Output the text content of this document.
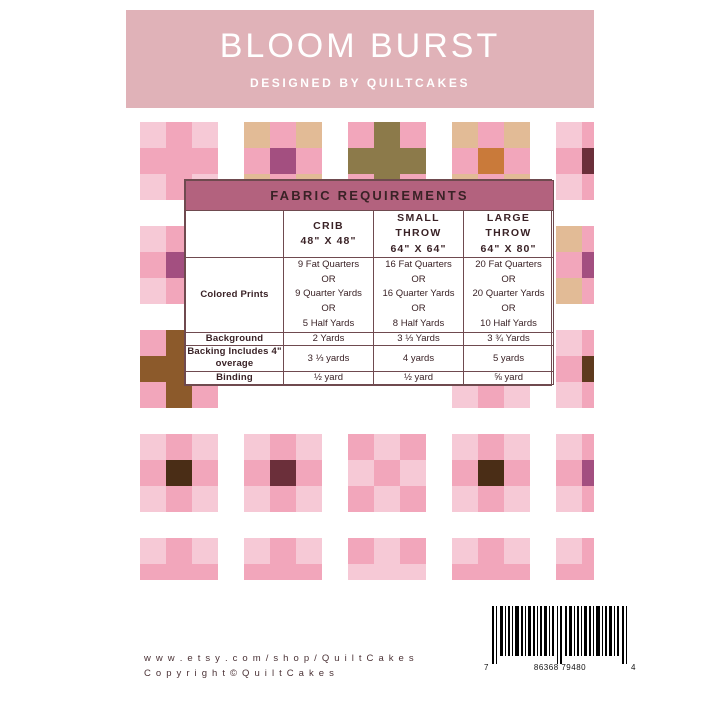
BLOOM BURST
DESIGNED BY QUILTCAKES
FABRIC REQUIREMENTS			

	CRIB
48" X 48"	SMALL
THROW
64" X 64"	LARGE
THROW
64" X 80"

Colored Prints	9 Fat Quarters
OR
9 Quarter Yards
OR
5 Half Yards	16 Fat Quarters
OR
16 Quarter Yards
OR
8 Half Yards	20 Fat Quarters
OR
20 Quarter Yards
OR
10 Half Yards

Background	2 Yards	3 ⅓ Yards	3 ¾ Yards
Backing Includes 4" overage	3 ⅓ yards	4 yards	5 yards
Binding	½ yard	½ yard	⅝ yard
w w w . e t s y . c o m / s h o p / Q u i l t C a k e s
C o p y r i g h t © Q u i l t C a k e s
7	86368 79480	4
